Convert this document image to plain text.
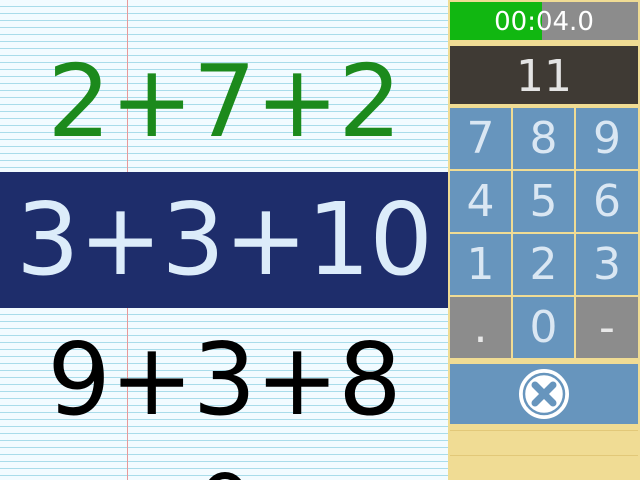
2+7+2
3+3+10
9+3+8
00:04.0
11
7 8 9
4 5 6
1 2 3
. 0 -
